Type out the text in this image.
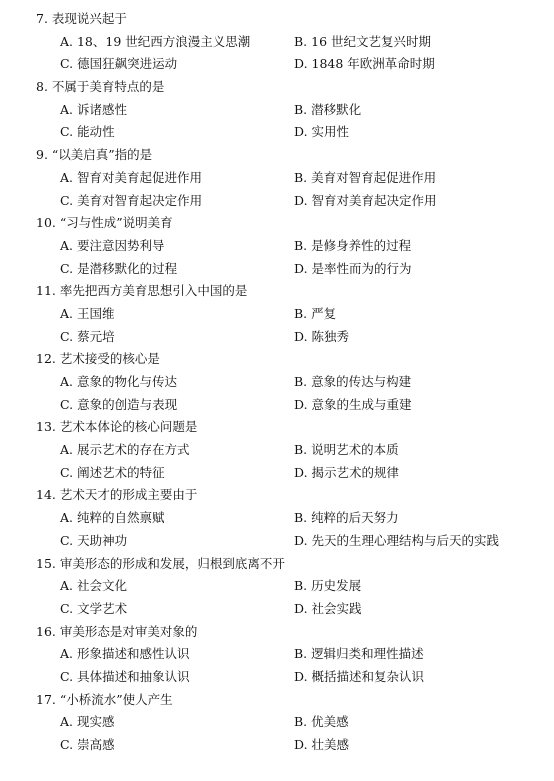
7. 表现说兴起于
A. 18、19 世纪西方浪漫主义思潮	B. 16 世纪文艺复兴时期
C. 德国狂飙突进运动	D. 1848 年欧洲革命时期
8. 不属于美育特点的是
A. 诉诸感性	B. 潜移默化
C. 能动性	D. 实用性
9. “以美启真”指的是
A. 智育对美育起促进作用	B. 美育对智育起促进作用
C. 美育对智育起决定作用	D. 智育对美育起决定作用
10. “习与性成”说明美育
A. 要注意因势利导	B. 是修身养性的过程
C. 是潜移默化的过程	D. 是率性而为的行为
11. 率先把西方美育思想引入中国的是
A. 王国维	B. 严复
C. 蔡元培	D. 陈独秀
12. 艺术接受的核心是
A. 意象的物化与传达	B. 意象的传达与构建
C. 意象的创造与表现	D. 意象的生成与重建
13. 艺术本体论的核心问题是
A. 展示艺术的存在方式	B. 说明艺术的本质
C. 阐述艺术的特征	D. 揭示艺术的规律
14. 艺术天才的形成主要由于
A. 纯粹的自然禀赋	B. 纯粹的后天努力
C. 天助神功	D. 先天的生理心理结构与后天的实践
15. 审美形态的形成和发展，归根到底离不开
A. 社会文化	B. 历史发展
C. 文学艺术	D. 社会实践
16. 审美形态是对审美对象的
A. 形象描述和感性认识	B. 逻辑归类和理性描述
C. 具体描述和抽象认识	D. 概括描述和复杂认识
17. “小桥流水”使人产生
A. 现实感	B. 优美感
C. 崇高感	D. 壮美感
